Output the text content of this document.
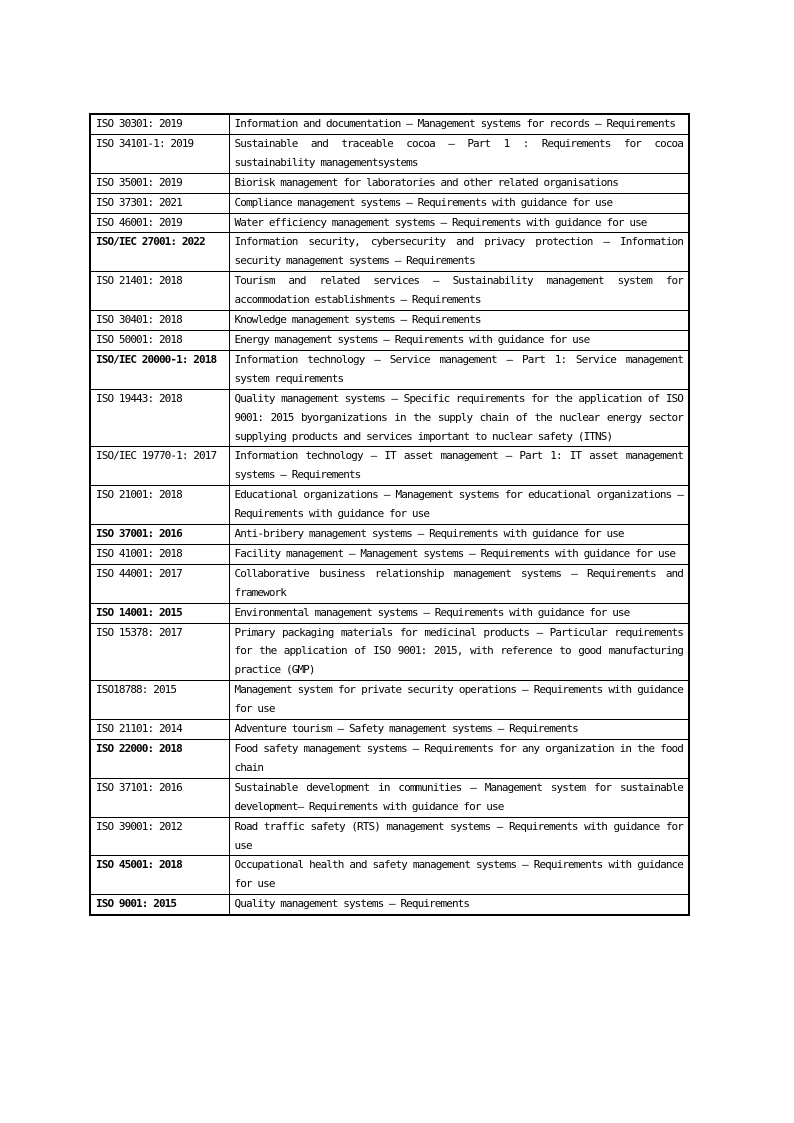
ISO 30301: 2019	Information and documentation — Management systems for records — Requirements
ISO 34101-1: 2019	Sustainable and traceable cocoa — Part 1 : Requirements for cocoa sustainability managementsystems
ISO 35001: 2019	Biorisk management for laboratories and other related organisations
ISO 37301: 2021	Compliance management systems — Requirements with guidance for use
ISO 46001: 2019	Water efficiency management systems — Requirements with guidance for use
ISO/IEC 27001: 2022	Information security, cybersecurity and privacy protection — Information security management systems — Requirements
ISO 21401: 2018	Tourism and related services — Sustainability management system for accommodation establishments — Requirements
ISO 30401: 2018	Knowledge management systems — Requirements
ISO 50001: 2018	Energy management systems — Requirements with guidance for use
ISO/IEC 20000-1: 2018	Information technology — Service management — Part 1: Service management system requirements
ISO 19443: 2018	Quality management systems — Specific requirements for the application of ISO 9001: 2015 byorganizations in the supply chain of the nuclear energy sector supplying products and services important to nuclear safety (ITNS)
ISO/IEC 19770-1: 2017	Information technology — IT asset management — Part 1: IT asset management systems — Requirements
ISO 21001: 2018	Educational organizations — Management systems for educational organizations — Requirements with guidance for use
ISO 37001: 2016	Anti-bribery management systems — Requirements with guidance for use
ISO 41001: 2018	Facility management — Management systems — Requirements with guidance for use
ISO 44001: 2017	Collaborative business relationship management systems — Requirements and framework
ISO 14001: 2015	Environmental management systems — Requirements with guidance for use
ISO 15378: 2017	Primary packaging materials for medicinal products — Particular requirements for the application of ISO 9001: 2015, with reference to good manufacturing practice (GMP)
ISO18788: 2015	Management system for private security operations — Requirements with guidance for use
ISO 21101: 2014	Adventure tourism — Safety management systems — Requirements
ISO 22000: 2018	Food safety management systems — Requirements for any organization in the food chain
ISO 37101: 2016	Sustainable development in communities — Management system for sustainable development— Requirements with guidance for use
ISO 39001: 2012	Road traffic safety (RTS) management systems — Requirements with guidance for use
ISO 45001: 2018	Occupational health and safety management systems — Requirements with guidance for use
ISO 9001: 2015	Quality management systems — Requirements
